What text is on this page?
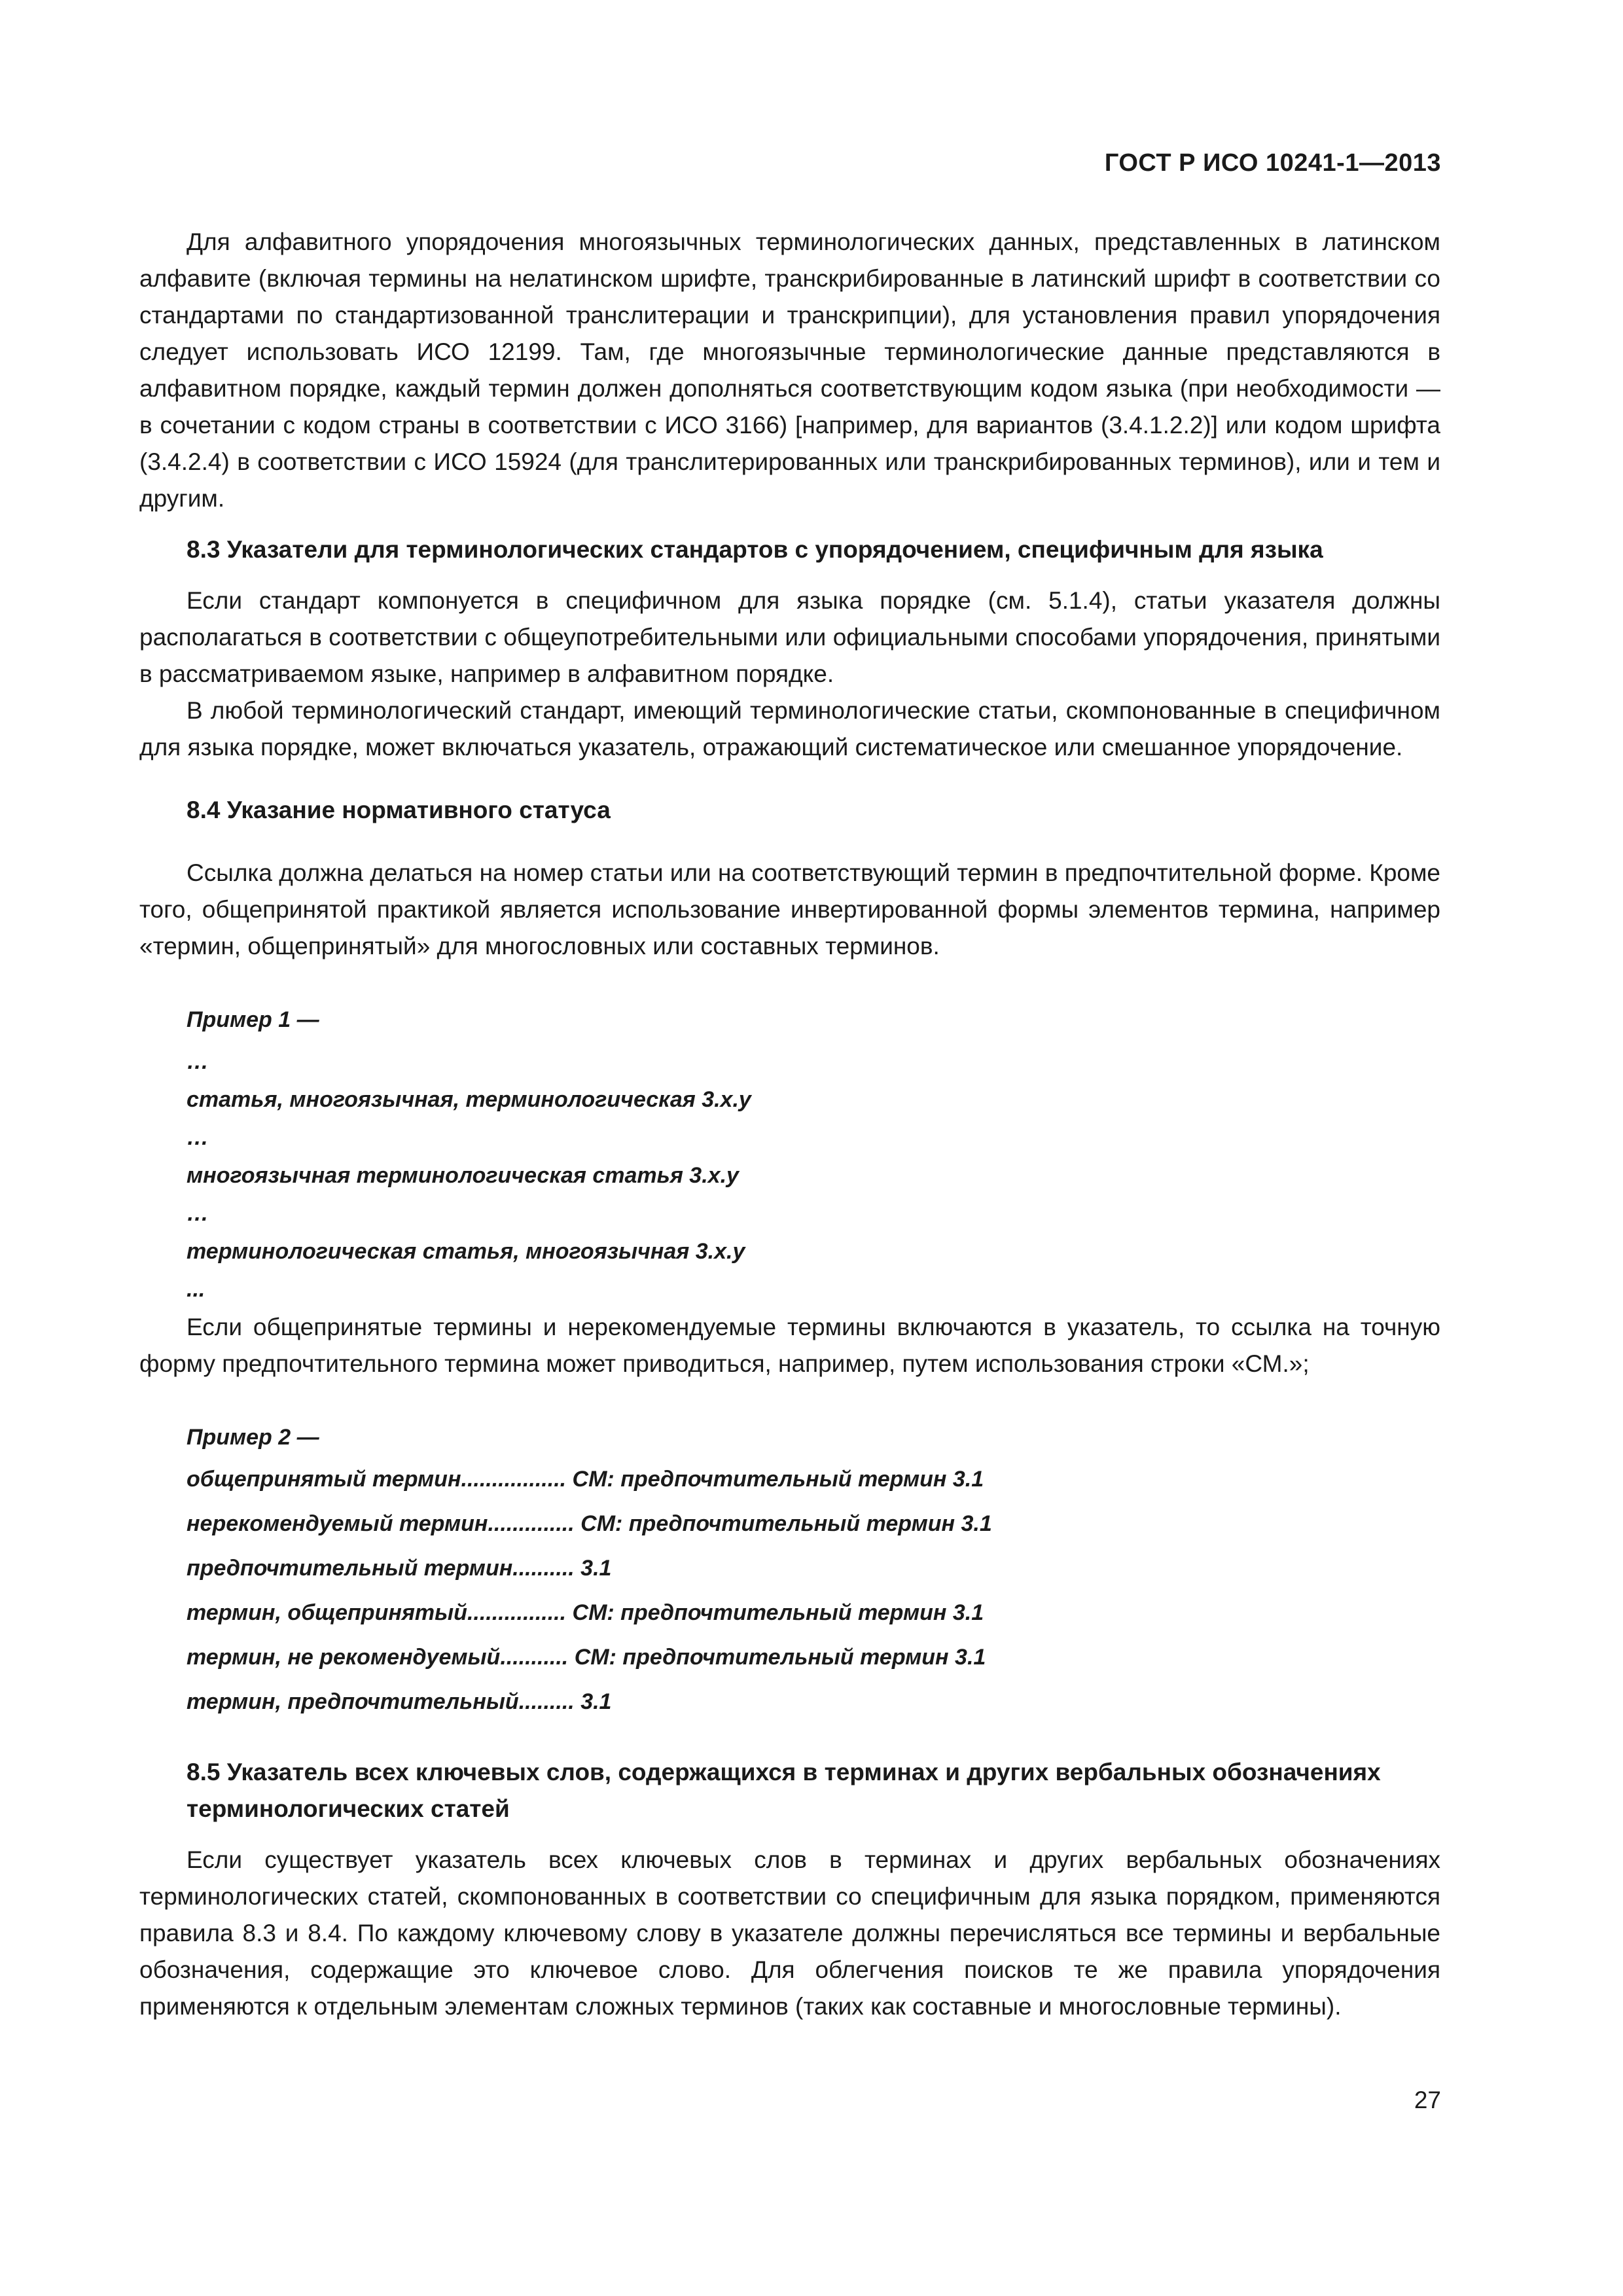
ГОСТ Р ИСО 10241-1—2013

Для алфавитного упорядочения многоязычных терминологических данных, представленных в латинском алфавите (включая термины на нелатинском шрифте, транскрибированные в латинский шрифт в соответствии со стандартами по стандартизованной транслитерации и транскрипции), для установления правил упорядочения следует использовать ИСО 12199. Там, где многоязычные терминологические данные представляются в алфавитном порядке, каждый термин должен дополняться соответствующим кодом языка (при необходимости — в сочетании с кодом страны в соответствии с ИСО 3166) [например, для вариантов (3.4.1.2.2)] или кодом шрифта (3.4.2.4) в соответствии с ИСО 15924 (для транслитерированных или транскрибированных терминов), или и тем и другим.

8.3 Указатели для терминологических стандартов с упорядочением, специфичным для языка

Если стандарт компонуется в специфичном для языка порядке (см. 5.1.4), статьи указателя должны располагаться в соответствии с общеупотребительными или официальными способами упорядочения, принятыми в рассматриваемом языке, например в алфавитном порядке.

В любой терминологический стандарт, имеющий терминологические статьи, скомпонованные в специфичном для языка порядке, может включаться указатель, отражающий систематическое или смешанное упорядочение.

8.4 Указание нормативного статуса

Ссылка должна делаться на номер статьи или на соответствующий термин в предпочтительной форме. Кроме того, общепринятой практикой является использование инвертированной формы элементов термина, например «термин, общепринятый» для многословных или составных терминов.

Пример 1 —
…
статья, многоязычная, терминологическая 3.x.y
…
многоязычная терминологическая статья 3.x.y
…
терминологическая статья, многоязычная 3.x.y
...

Если общепринятые термины и нерекомендуемые термины включаются в указатель, то ссылка на точную форму предпочтительного термина может приводиться, например, путем использования строки «СМ.»;

Пример 2 —
общепринятый термин................. СМ: предпочтительный термин 3.1
нерекомендуемый термин.............. СМ: предпочтительный термин 3.1
предпочтительный термин.......... 3.1
термин, общепринятый................ СМ: предпочтительный термин 3.1
термин, не рекомендуемый........... СМ: предпочтительный термин 3.1
термин, предпочтительный......... 3.1
8.5 Указатель всех ключевых слов, содержащихся в терминах и других вербальных обозначениях терминологических статей

Если существует указатель всех ключевых слов в терминах и других вербальных обозначениях терминологических статей, скомпонованных в соответствии со специфичным для языка порядком, применяются правила 8.3 и 8.4. По каждому ключевому слову в указателе должны перечисляться все термины и вербальные обозначения, содержащие это ключевое слово. Для облегчения поисков те же правила упорядочения применяются к отдельным элементам сложных терминов (таких как составные и многословные термины).

27
